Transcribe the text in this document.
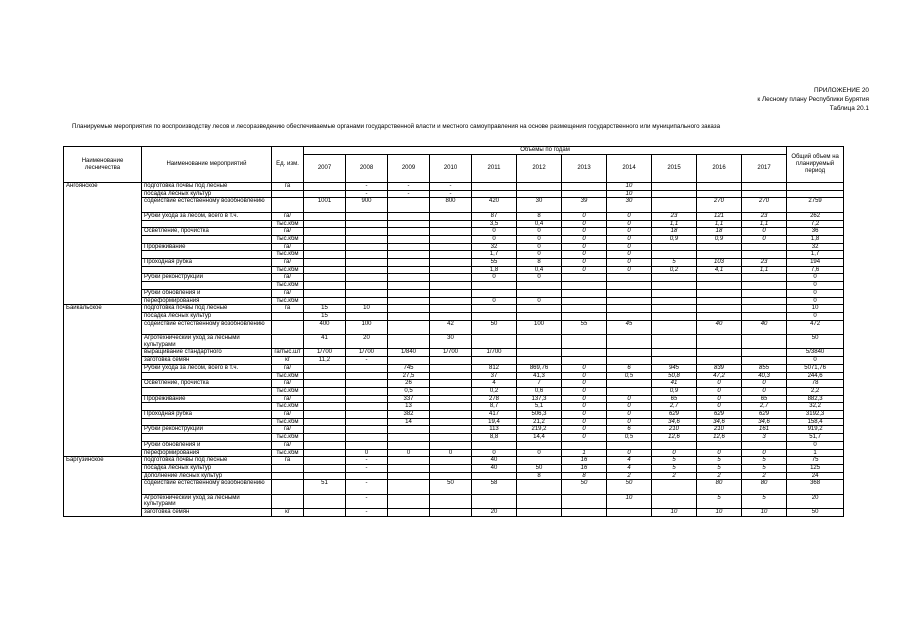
ПРИЛОЖЕНИЕ 20
к Лесному плану Республики Бурятия
Таблица 20.1
Планируемые мероприятия по воспроизводству лесов и лесоразведению обеспечиваемые органами государственной власти и местного самоуправления на основе размещения государственного или муниципального заказа
Наименование лесничества	Наименование мероприятий	Ед. изм.	Объемы по годам											Общий объем на планируемый период
			2007	2008	2009	2010	2011	2012	2013	2014	2015	2016	2017	
Ангоянское	подготовка почвы под лесные	га		-	-	-				10				
	посадка лесных культур			-	-	-				10				
	содействие естественному возобновлению		1001	900		800	420	30	39	30		270	270	2759
	Рубки ухода за лесом, всего в т.ч.	га/					87	8	0	0	23	121	23	262
		тыс.кбм					3,5	0,4	0	0	1,1	1,1	1,1	7,2
	Осветление, прочистка	га/					0	0	0	0	18	18	0	36
		тыс.кбм					0	0	0	0	0,9	0,9	0	1,8
	Прореживание	га/					32	0	0	0				32
		тыс.кбм					1,7	0	0	0				1,7
	Проходная рубка	га/					55	8	0	0	5	103	23	194
		тыс.кбм					1,8	0,4	0	0	0,2	4,1	1,1	7,6
	Рубки реконструкции	га/					0	0						0
		тыс.кбм												0
	Рубки обновления и	га/												0
	переформирования	тыс.кбм					0	0						0
Байкальское	подготовка почвы под лесные	га	15	10										10
	посадка лесных культур		15											0
	содействие естественному возобновлению		400	100		42	50	100	55	45		40	40	472
	Агротехнический уход за лесными культурами		41	20		30								50
	выращивание стандартного	га/тыс.шт	1/700	1/700	1/840	1/700	1/700							5/3840
	заготовка семян	кг	11,2	-										0
	Рубки ухода за лесом, всего в т.ч.	га/			745		812	869,76	0	6	945	839	855	5071,76
		тыс.кбм			27,5		37	41,3	0	0,5	50,8	47,2	40,3	244,6
	Осветление, прочистка	га/			26		4	7	0		41	0	0	78
		тыс.кбм			0,5		0,2	0,6	0		0,9	0	0	2,2
	Прореживание	га/			337		278	137,3	0	0	65	0	65	882,3
		тыс.кбм			13		8,7	5,1	0	0	2,7	0	2,7	32,2
	Проходная рубка	га/			382		417	506,3	0	0	629	629	629	3192,3
		тыс.кбм			14		19,4	21,2	0	0	34,6	34,6	34,6	158,4
	Рубки реконструкции	га/					113	219,2	0	6	210	210	161	919,2
		тыс.кбм					8,8	14,4	0	0,5	12,6	12,6	3	51,7
	Рубки обновления и	га/												0
	переформирования	тыс.кбм		0	0	0	0	0	1	0	0	0	0	1
Баргузинское	подготовка почвы под лесные	га		-			40		16	4	5	5	5	75
	посадка лесных культур			-			40	50	16	4	5	5	5	125
	дополнение лесных культур							8	8	2	2	2	2	24
	содействие естественному возобновлению		51	-		50	58		50	50		80	80	368
	Агротехнический уход за лесными культурами			-						10		5	5	20
	заготовка семян	кг		-			20				10	10	10	50
